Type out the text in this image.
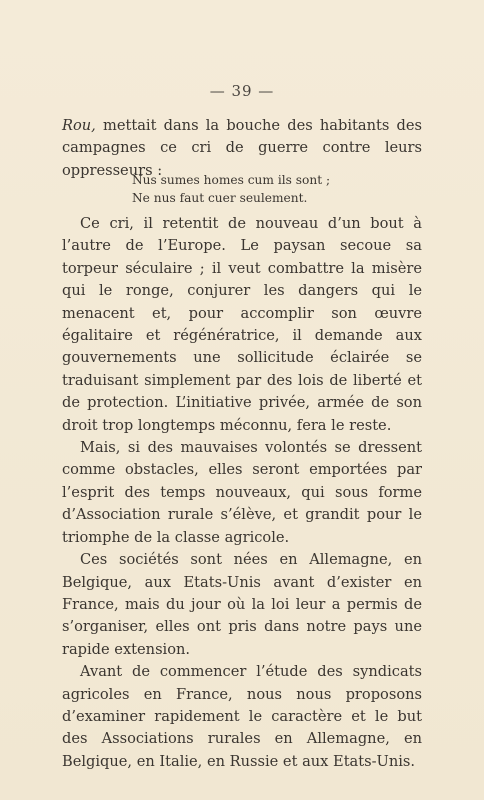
— 39 —
Rou, mettait dans la bouche des habitants des campagnes ce cri de guerre contre leurs oppresseurs :
Nus sumes homes cum ils sont ;
Ne nus faut cuer seulement.

Ce cri, il retentit de nouveau d’un bout à l’autre de l’Europe. Le paysan secoue sa torpeur séculaire ; il veut combattre la misère qui le ronge, conjurer les dangers qui le menacent et, pour accomplir son œuvre égalitaire et régénératrice, il demande aux gouvernements une sollicitude éclairée se traduisant simplement par des lois de liberté et de protection. L’initiative privée, armée de son droit trop longtemps méconnu, fera le reste.

Mais, si des mauvaises volontés se dressent comme obstacles, elles seront emportées par l’esprit des temps nouveaux, qui sous forme d’Association rurale s’élève, et grandit pour le triomphe de la classe agricole.

Ces sociétés sont nées en Allemagne, en Belgique, aux Etats-Unis avant d’exister en France, mais du jour où la loi leur a permis de s’organiser, elles ont pris dans notre pays une rapide extension.

Avant de commencer l’étude des syndicats agricoles en France, nous nous proposons d’examiner rapidement le caractère et le but des Associations rurales en Allemagne, en Belgique, en Italie, en Russie et aux Etats-Unis.
